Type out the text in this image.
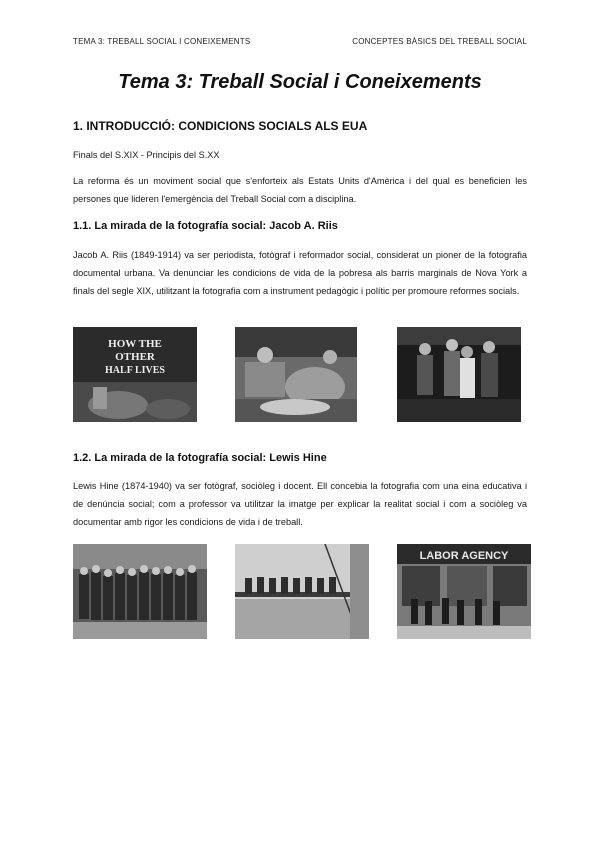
TEMA 3: TREBALL SOCIAL I CONEIXEMENTS	CONCEPTES BÀSICS DEL TREBALL SOCIAL
Tema 3: Treball Social i Coneixements
1. INTRODUCCIÓ: CONDICIONS SOCIALS ALS EUA
Finals del S.XIX - Principis del S.XX
La reforma és un moviment social que s'enforteix als Estats Units d'Amèrica i del qual es beneficien les persones que lideren l'emergència del Treball Social com a disciplina.
1.1. La mirada de la fotografía social: Jacob A. Riis
Jacob A. Riis (1849-1914) va ser periodista, fotògraf i reformador social, considerat un pioner de la fotografia documental urbana. Va denunciar les condicions de vida de la pobresa als barris marginals de Nova York a finals del segle XIX, utilitzant la fotografia com a instrument pedagògic i polític per promoure reformes socials.
HOW THE
OTHER
HALF LIVES
1.2. La mirada de la fotografía social: Lewis Hine
Lewis Hine (1874-1940) va ser fotògraf, sociòleg i docent. Ell concebia la fotografia com una eina educativa i de denúncia social; com a professor va utilitzar la imatge per explicar la realitat social i com a sociòleg va documentar amb rigor les condicions de vida i de treball.
LABOR AGENCY
